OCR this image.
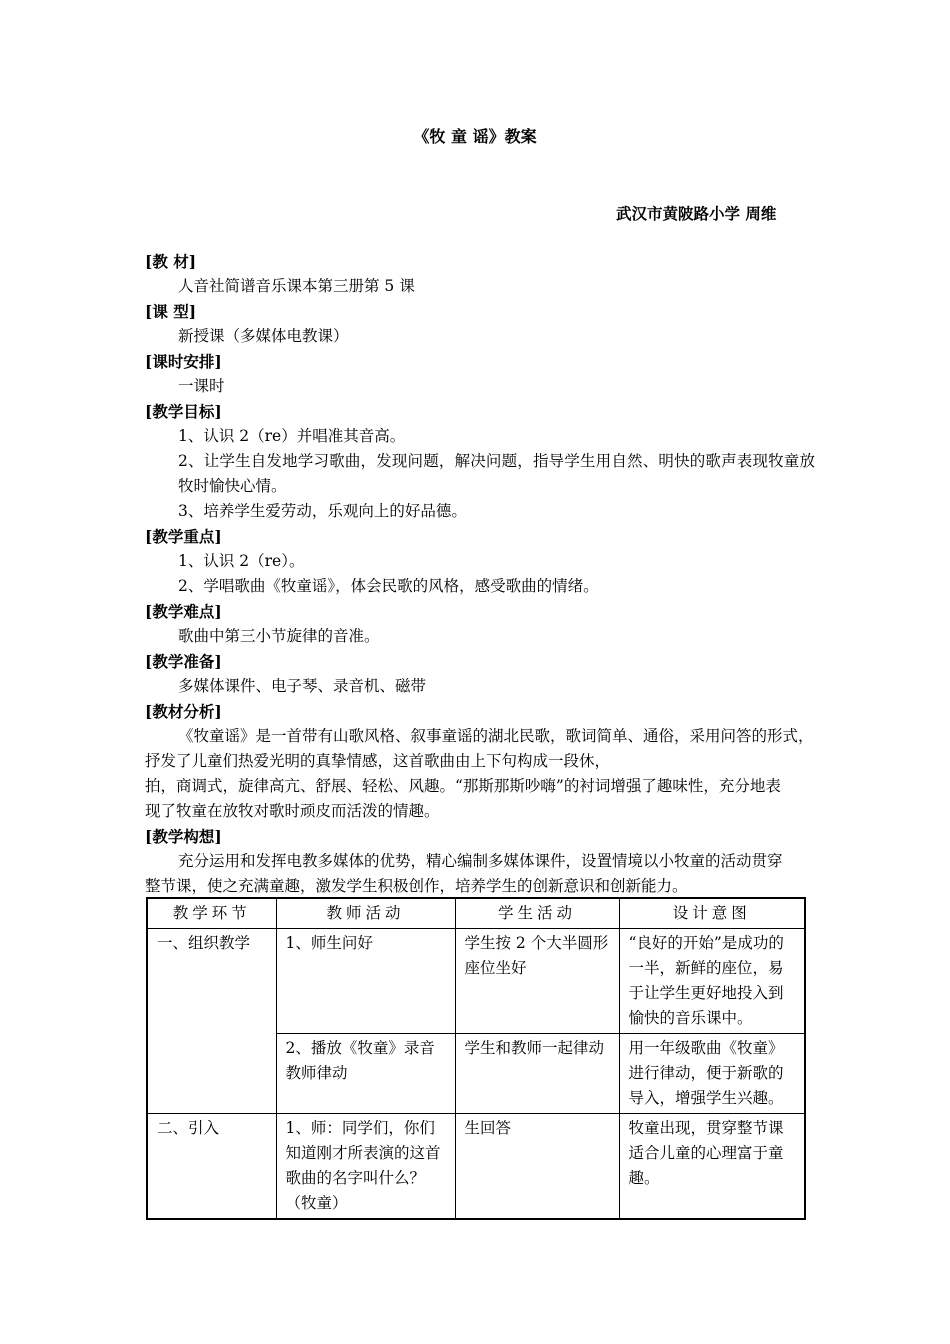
《牧 童 谣》教案
武汉市黄陂路小学 周维

[教 材]

人音社简谱音乐课本第三册第 5 课

[课 型]

新授课（多媒体电教课）

[课时安排]

一课时

[教学目标]

1、认识 2（re）并唱准其音高。

2、让学生自发地学习歌曲，发现问题，解决问题，指导学生用自然、明快的歌声表现牧童放牧时愉快心情。

3、培养学生爱劳动，乐观向上的好品德。

[教学重点]

1、认识 2（re）。

2、学唱歌曲《牧童谣》，体会民歌的风格，感受歌曲的情绪。

[教学难点]

歌曲中第三小节旋律的音准。

[教学准备]

多媒体课件、电子琴、录音机、磁带

[教材分析]

《牧童谣》是一首带有山歌风格、叙事童谣的湖北民歌，歌词简单、通俗，采用问答的形式，

抒发了儿童们热爱光明的真挚情感，这首歌曲由上下句构成一段休，

拍，商调式，旋律高亢、舒展、轻松、风趣。“那斯那斯吵嗨”的衬词增强了趣味性，充分地表

现了牧童在放牧对歌时顽皮而活泼的情趣。

[教学构想]

充分运用和发挥电教多媒体的优势，精心编制多媒体课件，设置情境以小牧童的活动贯穿

整节课，使之充满童趣，激发学生积极创作，培养学生的创新意识和创新能力。

教学环节	教师活动	学生活动	设计意图
一、组织教学	1、师生问好	学生按 2 个大半圆形座位坐好	“良好的开始”是成功的一半，新鲜的座位，易于让学生更好地投入到愉快的音乐课中。
	2、播放《牧童》录音教师律动	学生和教师一起律动	用一年级歌曲《牧童》进行律动，便于新歌的导入，增强学生兴趣。
二、引入	1、师：同学们，你们知道刚才所表演的这首歌曲的名字叫什么？（牧童）	生回答	牧童出现，贯穿整节课适合儿童的心理富于童趣。
